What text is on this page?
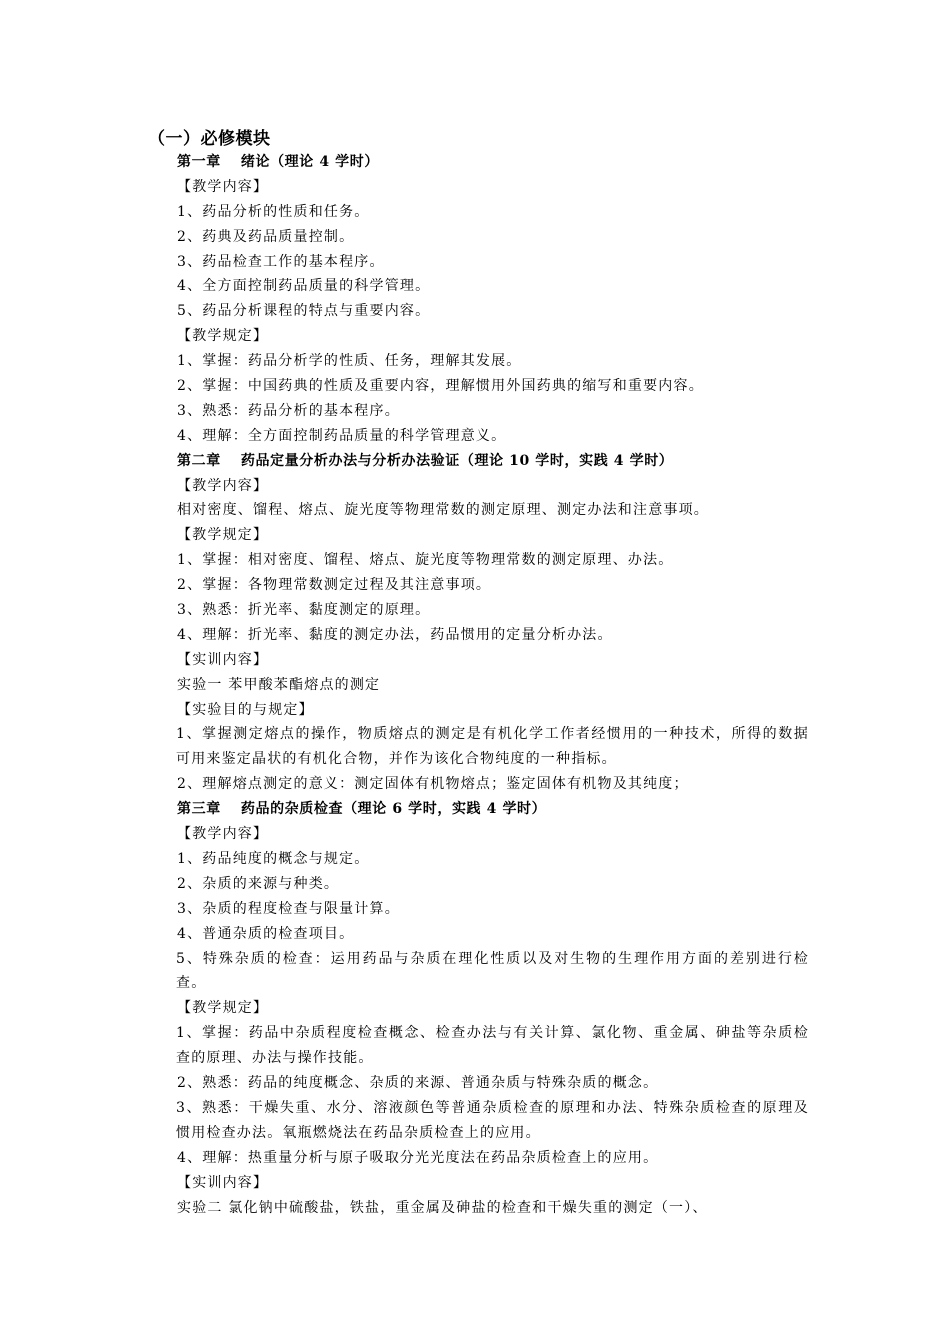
（一）必修模块
第一章　 绪论（理论 4 学时）
【教学内容】
1、药品分析的性质和任务。
2、药典及药品质量控制。
3、药品检查工作的基本程序。
4、全方面控制药品质量的科学管理。
5、药品分析课程的特点与重要内容。
【教学规定】
1、掌握：药品分析学的性质、任务，理解其发展。
2、掌握：中国药典的性质及重要内容，理解惯用外国药典的缩写和重要内容。
3、熟悉：药品分析的基本程序。
4、理解：全方面控制药品质量的科学管理意义。
第二章　 药品定量分析办法与分析办法验证（理论 10 学时，实践 4 学时）
【教学内容】
相对密度、馏程、熔点、旋光度等物理常数的测定原理、测定办法和注意事项。
【教学规定】
1、掌握：相对密度、馏程、熔点、旋光度等物理常数的测定原理、办法。
2、掌握：各物理常数测定过程及其注意事项。
3、熟悉：折光率、黏度测定的原理。
4、理解：折光率、黏度的测定办法，药品惯用的定量分析办法。
【实训内容】
实验一 苯甲酸苯酯熔点的测定
【实验目的与规定】
1、掌握测定熔点的操作，物质熔点的测定是有机化学工作者经惯用的一种技术，所得的数据可用来鉴定晶状的有机化合物，并作为该化合物纯度的一种指标。
2、理解熔点测定的意义：测定固体有机物熔点；鉴定固体有机物及其纯度；
第三章　 药品的杂质检查（理论 6 学时，实践 4 学时）
【教学内容】
1、药品纯度的概念与规定。
2、杂质的来源与种类。
3、杂质的程度检查与限量计算。
4、普通杂质的检查项目。
5、特殊杂质的检查：运用药品与杂质在理化性质以及对生物的生理作用方面的差别进行检查。
【教学规定】
1、掌握：药品中杂质程度检查概念、检查办法与有关计算、氯化物、重金属、砷盐等杂质检查的原理、办法与操作技能。
2、熟悉：药品的纯度概念、杂质的来源、普通杂质与特殊杂质的概念。
3、熟悉：干燥失重、水分、溶液颜色等普通杂质检查的原理和办法、特殊杂质检查的原理及惯用检查办法。氧瓶燃烧法在药品杂质检查上的应用。
4、理解：热重量分析与原子吸取分光光度法在药品杂质检查上的应用。
【实训内容】
实验二 氯化钠中硫酸盐，铁盐，重金属及砷盐的检查和干燥失重的测定（一）、
